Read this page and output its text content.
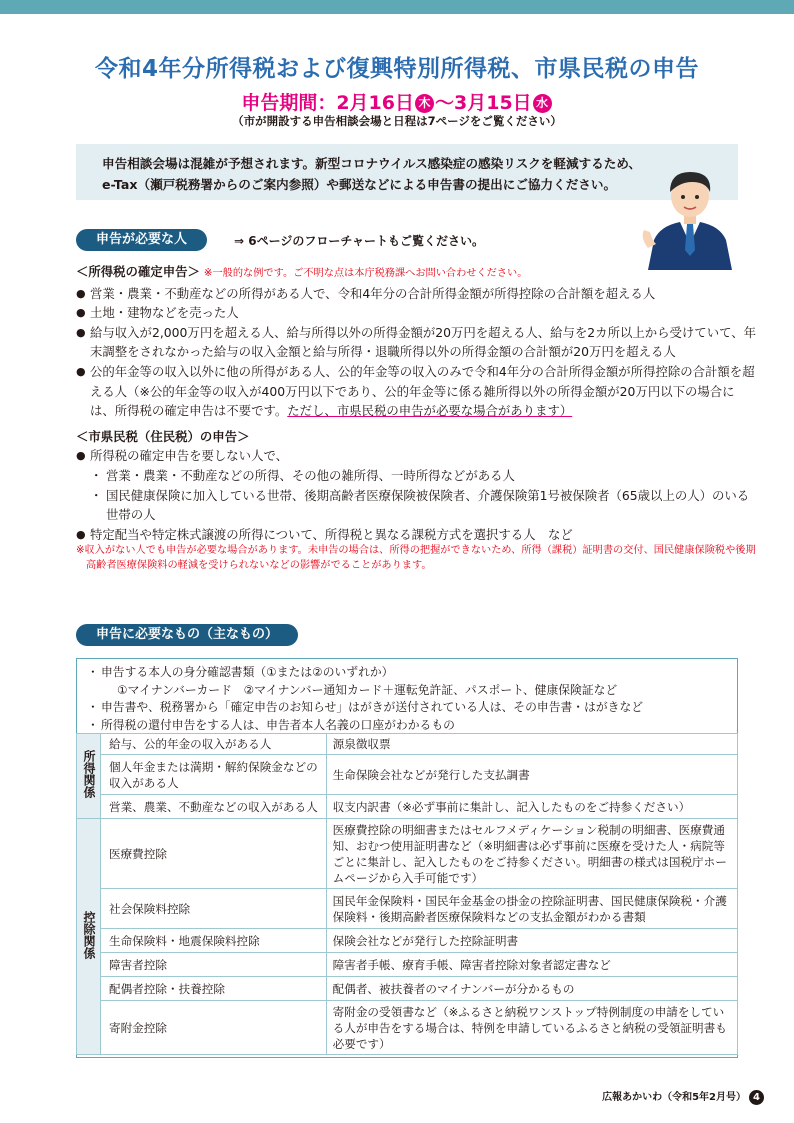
令和4年分所得税および復興特別所得税、市県民税の申告
申告期間：2月16日 木 ～3月15日 水
（市が開設する申告相談会場と日程は7ページをご覧ください）
申告相談会場は混雑が予想されます。新型コロナウイルス感染症の感染リスクを軽減するため、
e-Tax（瀬戸税務署からのご案内参照）や郵送などによる申告書の提出にご協力ください。
申告が必要な人	⇒ 6ページのフローチャートもご覧ください。
＜所得税の確定申告＞ ※一般的な例です。ご不明な点は本庁税務課へお問い合わせください。
● 営業・農業・不動産などの所得がある人で、令和4年分の合計所得金額が所得控除の合計額を超える人
● 土地・建物などを売った人
● 給与収入が2,000万円を超える人、給与所得以外の所得金額が20万円を超える人、給与を2カ所以上から受けていて、年末調整をされなかった給与の収入金額と給与所得・退職所得以外の所得金額の合計額が20万円を超える人
● 公的年金等の収入以外に他の所得がある人、公的年金等の収入のみで令和4年分の合計所得金額が所得控除の合計額を超える人（※公的年金等の収入が400万円以下であり、公的年金等に係る雑所得以外の所得金額が20万円以下の場合には、所得税の確定申告は不要です。ただし、市県民税の申告が必要な場合があります）
＜市県民税（住民税）の申告＞
● 所得税の確定申告を要しない人で、
・ 営業・農業・不動産などの所得、その他の雑所得、一時所得などがある人
・ 国民健康保険に加入している世帯、後期高齢者医療保険被保険者、介護保険第1号被保険者（65歳以上の人）のいる世帯の人
● 特定配当や特定株式譲渡の所得について、所得税と異なる課税方式を選択する人　など
※収入がない人でも申告が必要な場合があります。未申告の場合は、所得の把握ができないため、所得（課税）証明書の交付、国民健康保険税や後期高齢者医療保険料の軽減を受けられないなどの影響がでることがあります。
申告に必要なもの（主なもの）
・ 申告する本人の身分確認書類（①または②のいずれか）
①マイナンバーカード　②マイナンバー通知カード＋運転免許証、パスポート、健康保険証など
・ 申告書や、税務署から「確定申告のお知らせ」はがきが送付されている人は、その申告書・はがきなど
・ 所得税の還付申告をする人は、申告者本人名義の口座がわかるもの
所得関係	給与、公的年金の収入がある人	源泉徴収票
	個人年金または満期・解約保険金などの収入がある人	生命保険会社などが発行した支払調書
	営業、農業、不動産などの収入がある人	収支内訳書（※必ず事前に集計し、記入したものをご持参ください）
控除関係	医療費控除	医療費控除の明細書またはセルフメディケーション税制の明細書、医療費通知、おむつ使用証明書など（※明細書は必ず事前に医療を受けた人・病院等ごとに集計し、記入したものをご持参ください。明細書の様式は国税庁ホームページから入手可能です）
	社会保険料控除	国民年金保険料・国民年金基金の掛金の控除証明書、国民健康保険税・介護保険料・後期高齢者医療保険料などの支払金額がわかる書類
	生命保険料・地震保険料控除	保険会社などが発行した控除証明書
	障害者控除	障害者手帳、療育手帳、障害者控除対象者認定書など
	配偶者控除・扶養控除	配偶者、被扶養者のマイナンバーが分かるもの
	寄附金控除	寄附金の受領書など（※ふるさと納税ワンストップ特例制度の申請をしている人が申告をする場合は、特例を申請しているふるさと納税の受領証明書も必要です）
広報あかいわ（令和5年2月号） 4
